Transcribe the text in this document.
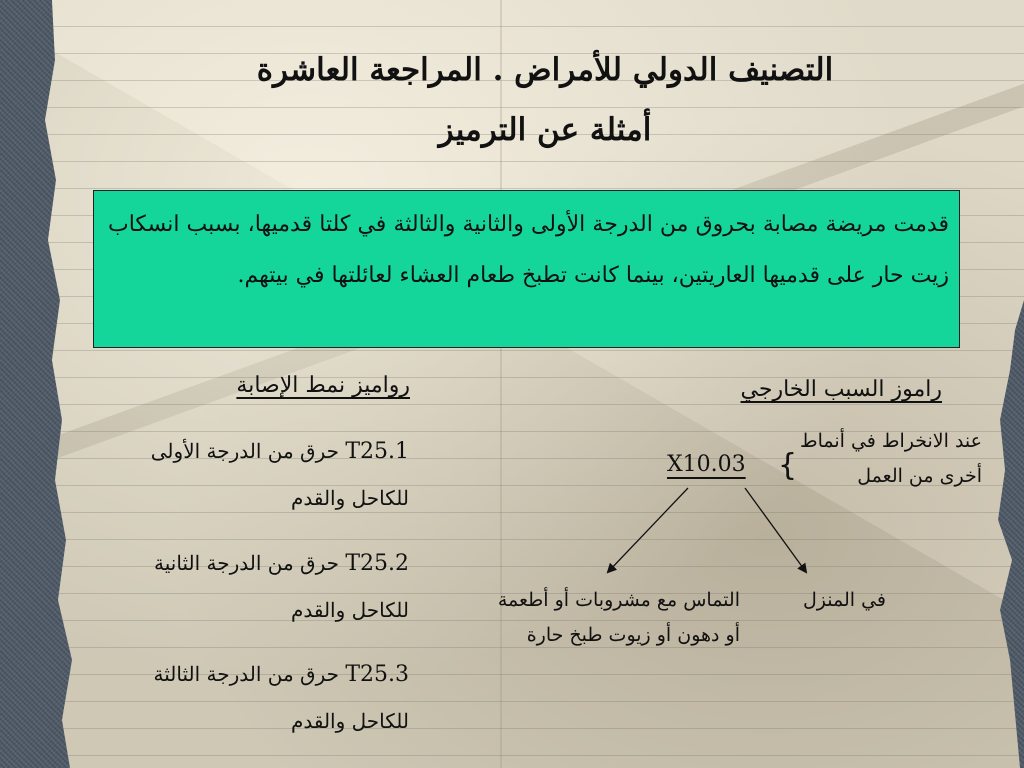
التصنيف الدولي للأمراض . المراجعة العاشرة
أمثلة عن الترميز
قدمت مريضة مصابة بحروق من الدرجة الأولى والثانية والثالثة في كلتا قدميها، بسبب انسكاب زيت حار على قدميها العاريتين، بينما كانت تطبخ طعام العشاء لعائلتها في بيتهم.
راموز السبب الخارجي
رواميز نمط الإصابة
T25.1 حرق من الدرجة الأولى للكاحل والقدم
T25.2 حرق من الدرجة الثانية للكاحل والقدم
T25.3 حرق من الدرجة الثالثة للكاحل والقدم
X10.03 {
عند الانخراط في أنماط أخرى من العمل
في المنزل
التماس مع مشروبات أو أطعمة أو دهون أو زيوت طبخ حارة
